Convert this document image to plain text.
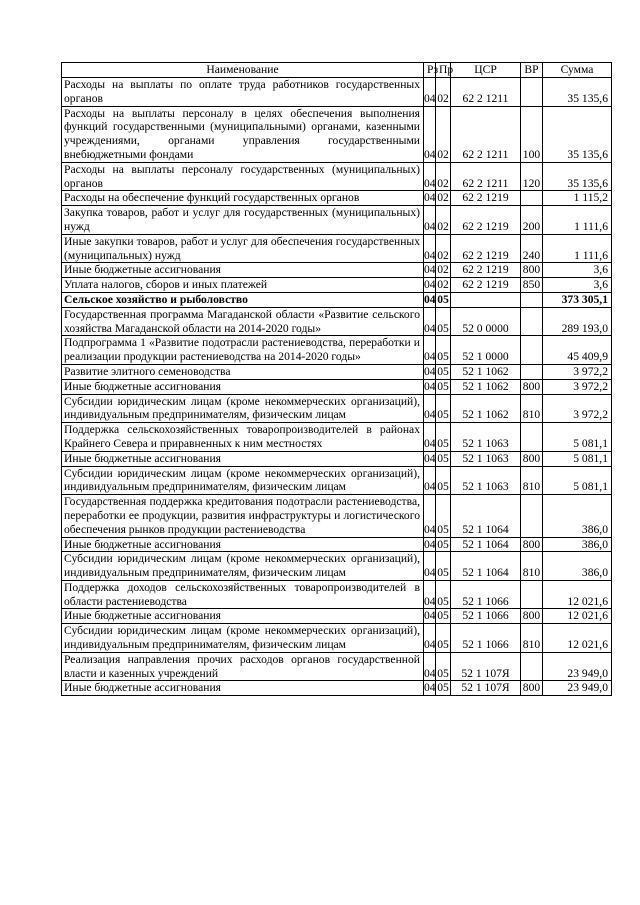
Наименование	Рз	Пр	ЦСР	ВР	Сумма
Расходы на выплаты по оплате труда работников государственных органов	04	02	62 2 1211		35 135,6
Расходы на выплаты персоналу в целях обеспечения выполнения функций государственными (муниципальными) органами, казенными учреждениями, органами управления государственными внебюджетными фондами	04	02	62 2 1211	100	35 135,6
Расходы на выплаты персоналу государственных (муниципальных) органов	04	02	62 2 1211	120	35 135,6
Расходы на обеспечение функций государственных органов	04	02	62 2 1219		1 115,2
Закупка товаров, работ и услуг для государственных (муниципальных) нужд	04	02	62 2 1219	200	1 111,6
Иные закупки товаров, работ и услуг для обеспечения государственных (муниципальных) нужд	04	02	62 2 1219	240	1 111,6
Иные бюджетные ассигнования	04	02	62 2 1219	800	3,6
Уплата налогов, сборов и иных платежей	04	02	62 2 1219	850	3,6
Сельское хозяйство и рыболовство	04	05			373 305,1
Государственная программа Магаданской области «Развитие сельского хозяйства Магаданской области на 2014-2020 годы»	04	05	52 0 0000		289 193,0
Подпрограмма 1 «Развитие подотрасли растениеводства, переработки и реализации продукции растениеводства на 2014-2020 годы»	04	05	52 1 0000		45 409,9
Развитие элитного семеноводства	04	05	52 1 1062		3 972,2
Иные бюджетные ассигнования	04	05	52 1 1062	800	3 972,2
Субсидии юридическим лицам (кроме некоммерческих организаций), индивидуальным предпринимателям, физическим лицам	04	05	52 1 1062	810	3 972,2
Поддержка сельскохозяйственных товаропроизводителей в районах Крайнего Севера и приравненных к ним местностях	04	05	52 1 1063		5 081,1
Иные бюджетные ассигнования	04	05	52 1 1063	800	5 081,1
Субсидии юридическим лицам (кроме некоммерческих организаций), индивидуальным предпринимателям, физическим лицам	04	05	52 1 1063	810	5 081,1
Государственная поддержка кредитования подотрасли растениеводства, переработки ее продукции, развития инфраструктуры и логистического обеспечения рынков продукции растениеводства	04	05	52 1 1064		386,0
Иные бюджетные ассигнования	04	05	52 1 1064	800	386,0
Субсидии юридическим лицам (кроме некоммерческих организаций), индивидуальным предпринимателям, физическим лицам	04	05	52 1 1064	810	386,0
Поддержка доходов сельскохозяйственных товаропроизводителей в области растениеводства	04	05	52 1 1066		12 021,6
Иные бюджетные ассигнования	04	05	52 1 1066	800	12 021,6
Субсидии юридическим лицам (кроме некоммерческих организаций), индивидуальным предпринимателям, физическим лицам	04	05	52 1 1066	810	12 021,6
Реализация направления прочих расходов органов государственной власти и казенных учреждений	04	05	52 1 107Я		23 949,0
Иные бюджетные ассигнования	04	05	52 1 107Я	800	23 949,0
